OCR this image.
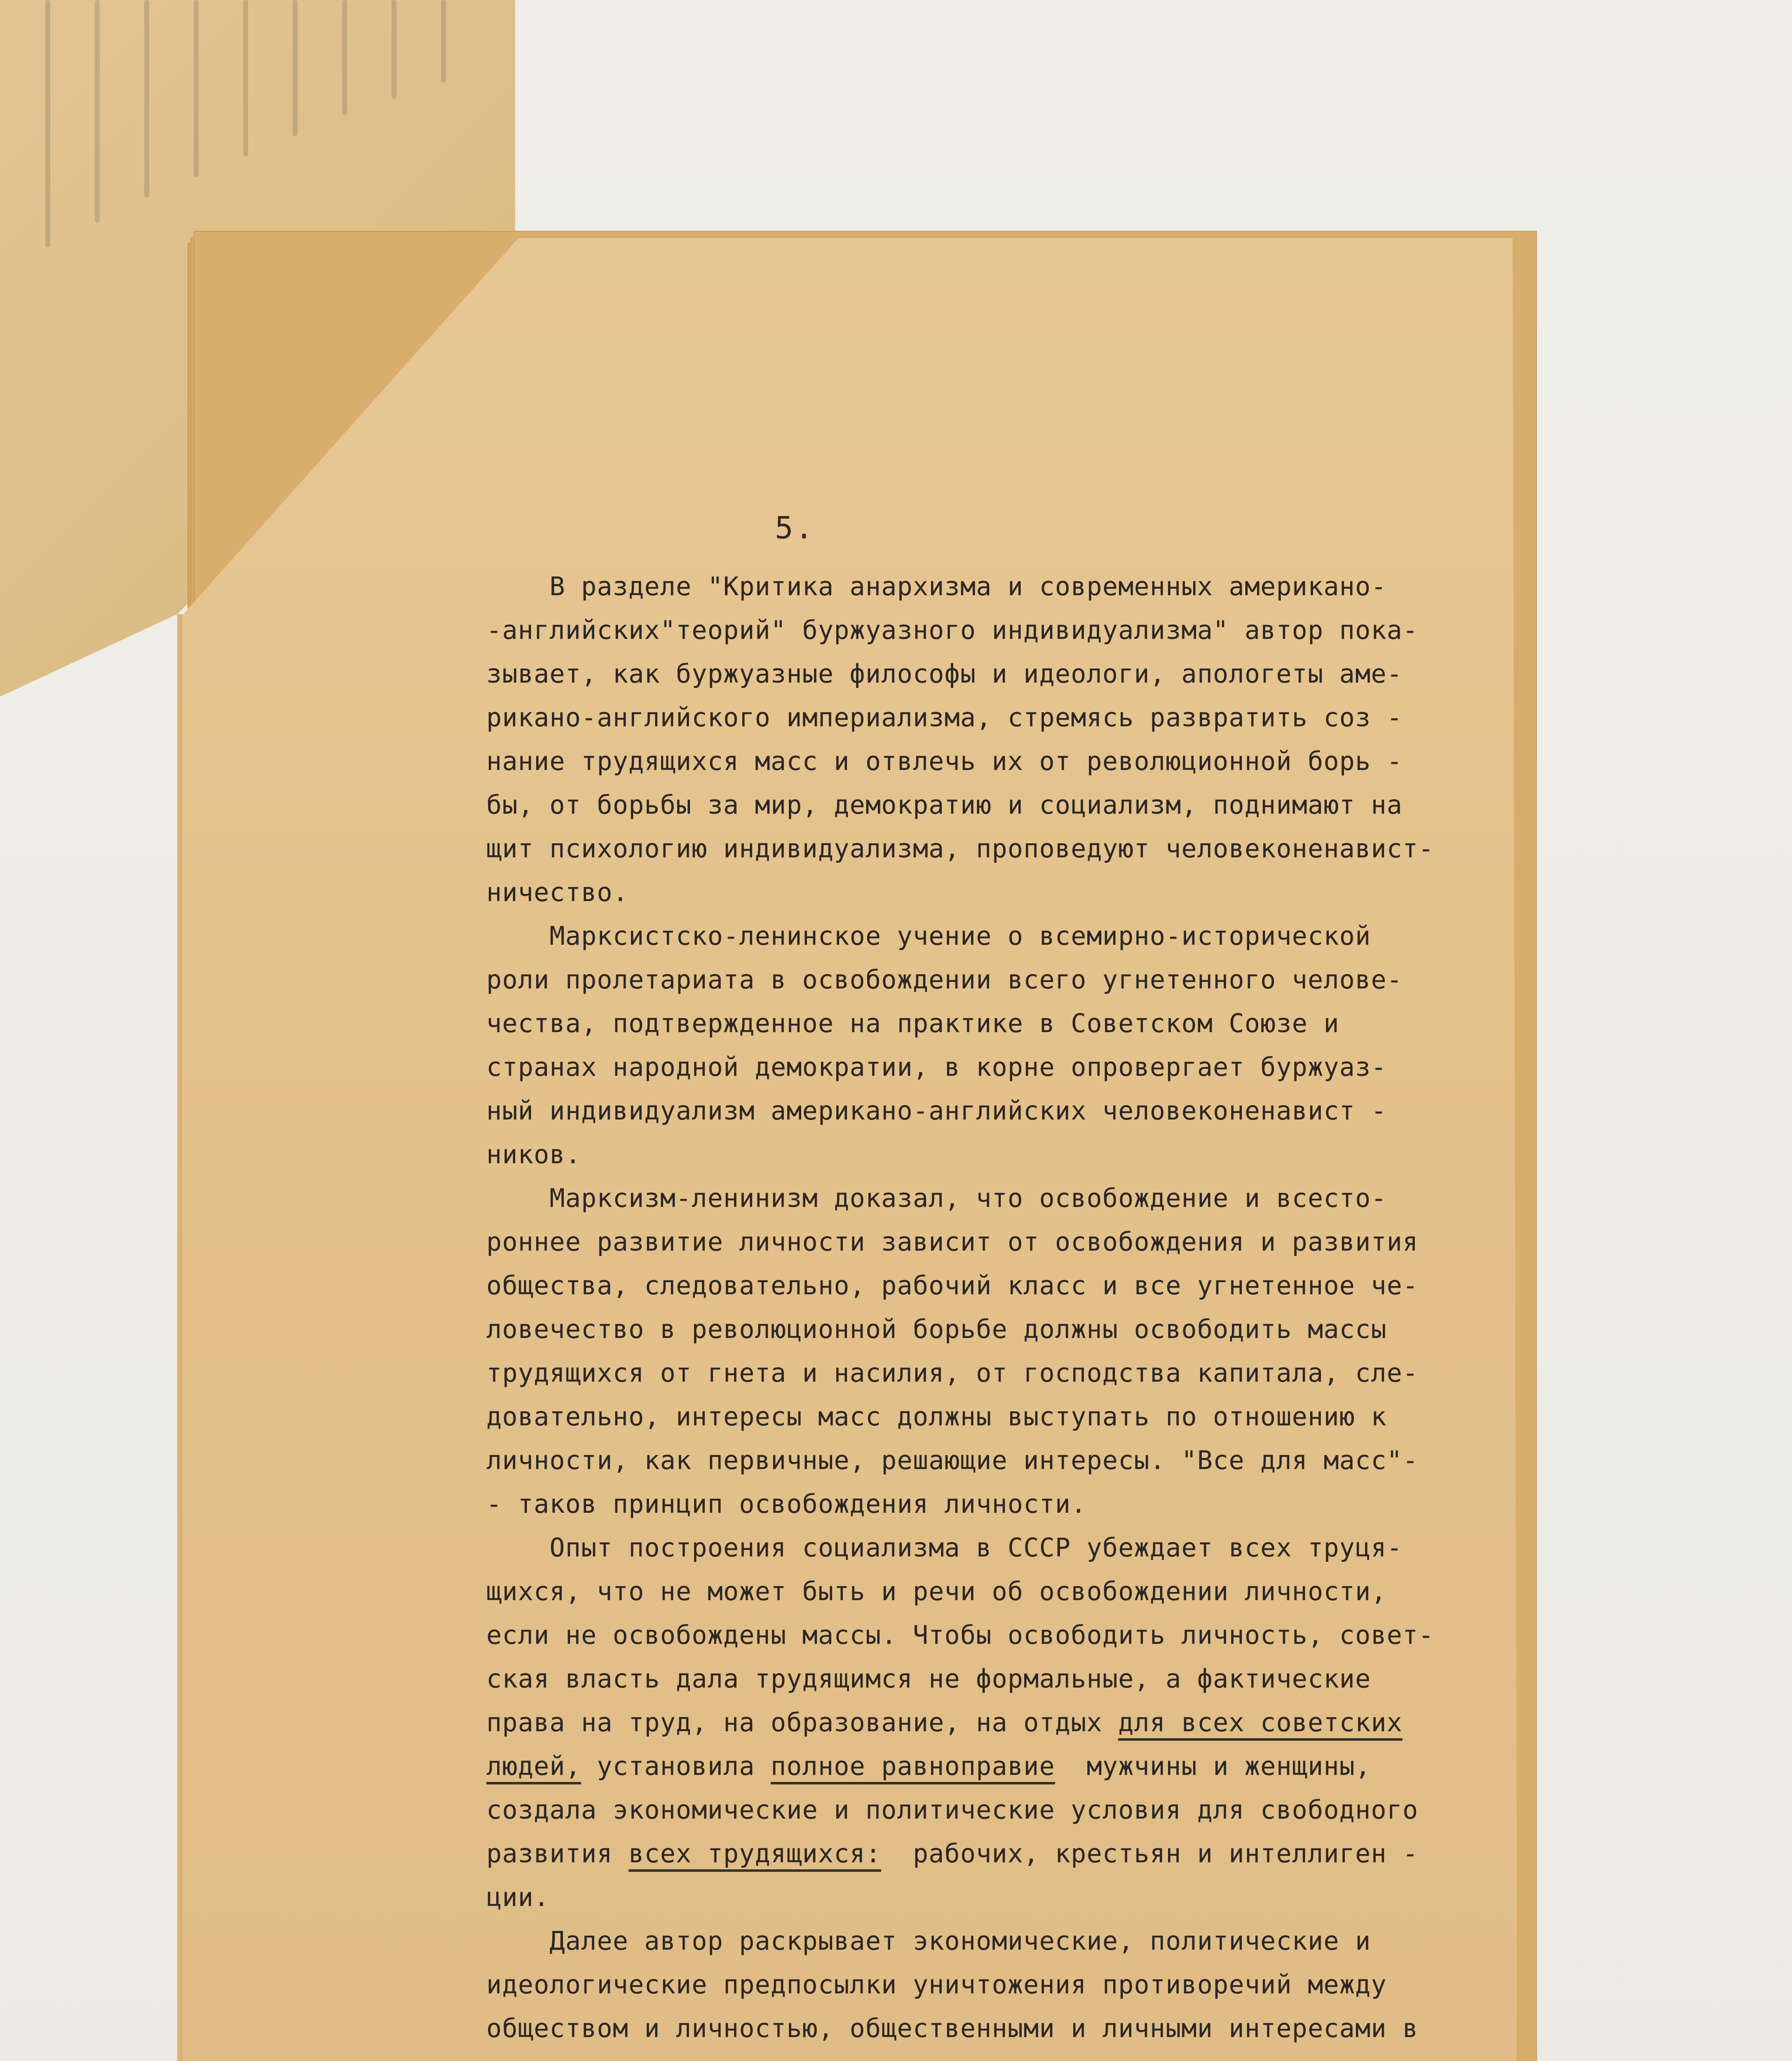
5.
В разделе "Критика анархизма и современных американо-
-английских"теорий" буржуазного индивидуализма" автор пока-
зывает, как буржуазные философы и идеологи, апологеты аме-
рикано-английского империализма, стремясь развратить соз -
нание трудящихся масс и отвлечь их от революционной борь -
бы, от борьбы за мир, демократию и социализм, поднимают на
щит психологию индивидуализма, проповедуют человеконенавист-
ничество.
Марксистско-ленинское учение о всемирно-исторической
роли пролетариата в освобождении всего угнетенного челове-
чества, подтвержденное на практике в Советском Союзе и
странах народной демократии, в корне опровергает буржуаз-
ный индивидуализм американо-английских человеконенавист -
ников.
Марксизм-ленинизм доказал, что освобождение и всесто-
роннее развитие личности зависит от освобождения и развития
общества, следовательно, рабочий класс и все угнетенное че-
ловечество в революционной борьбе должны освободить массы
трудящихся от гнета и насилия, от господства капитала, сле-
довательно, интересы масс должны выступать по отношению к
личности, как первичные, решающие интересы. "Все для масс"-
- таков принцип освобождения личности.
Опыт построения социализма в СССР убеждает всех труця-
щихся, что не может быть и речи об освобождении личности,
если не освобождены массы. Чтобы освободить личность, совет-
ская власть дала трудящимся не формальные, а фактические
права на труд, на образование, на отдых для всех советских
людей, установила полное равноправие  мужчины и женщины,
создала экономические и политические условия для свободного
развития всех трудящихся:  рабочих, крестьян и интеллиген -
ции.
Далее автор раскрывает экономические, политические и
идеологические предпосылки уничтожения противоречий между
обществом и личностью, общественными и личными интересами в
